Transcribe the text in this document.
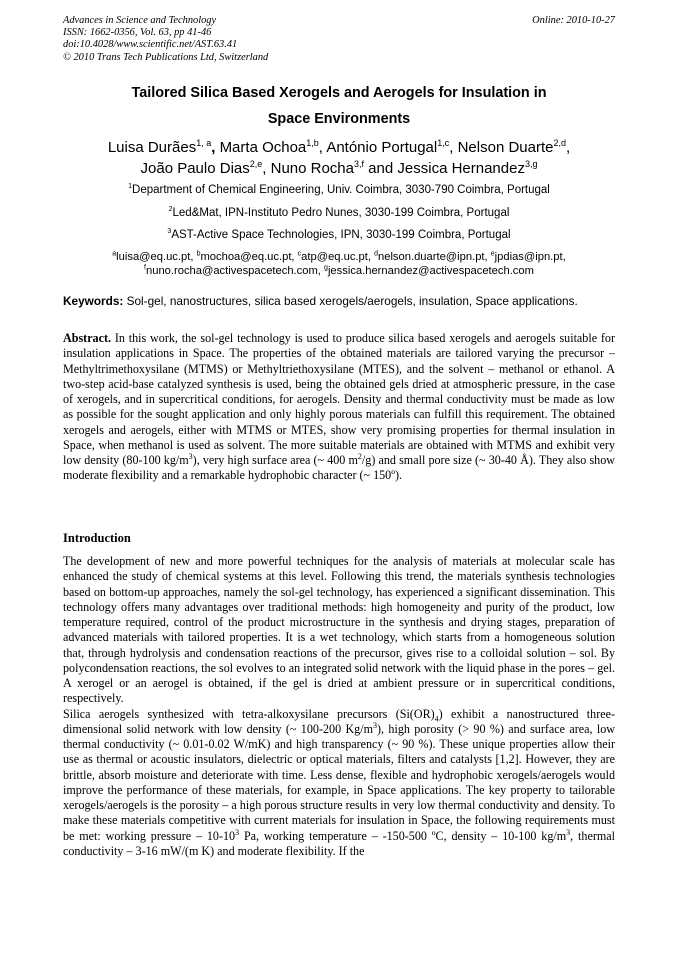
Advances in Science and Technology
ISSN: 1662-0356, Vol. 63, pp 41-46
doi:10.4028/www.scientific.net/AST.63.41
© 2010 Trans Tech Publications Ltd, Switzerland
Online: 2010-10-27
Tailored Silica Based Xerogels and Aerogels for Insulation in
Space Environments
Luisa Durães$^{1, a}$, Marta Ochoa$^{1,b}$, António Portugal$^{1,c}$, Nelson Duarte$^{2,d}$,
João Paulo Dias$^{2,e}$, Nuno Rocha$^{3,f}$ and Jessica Hernandez$^{3,g}$
$^1$Department of Chemical Engineering, Univ. Coimbra, 3030-790 Coimbra, Portugal
$^2$Led&Mat, IPN-Instituto Pedro Nunes, 3030-199 Coimbra, Portugal
$^3$AST-Active Space Technologies, IPN, 3030-199 Coimbra, Portugal
$^a$luisa@eq.uc.pt, $^b$mochoa@eq.uc.pt, $^c$atp@eq.uc.pt, $^d$nelson.duarte@ipn.pt, $^e$jpdias@ipn.pt,
$^f$nuno.rocha@activespacetech.com, $^g$jessica.hernandez@activespacetech.com
Keywords: Sol-gel, nanostructures, silica based xerogels/aerogels, insulation, Space applications.
Abstract. In this work, the sol-gel technology is used to produce silica based xerogels and aerogels suitable for insulation applications in Space. The properties of the obtained materials are tailored varying the precursor – Methyltrimethoxysilane (MTMS) or Methyltriethoxysilane (MTES), and the solvent – methanol or ethanol. A two-step acid-base catalyzed synthesis is used, being the obtained gels dried at atmospheric pressure, in the case of xerogels, and in supercritical conditions, for aerogels. Density and thermal conductivity must be made as low as possible for the sought application and only highly porous materials can fulfill this requirement. The obtained xerogels and aerogels, either with MTMS or MTES, show very promising properties for thermal insulation in Space, when methanol is used as solvent. The more suitable materials are obtained with MTMS and exhibit very low density (80-100 $kg/m^3$), very high surface area (~ 400 $m^2/g$) and small pore size (~ 30-40 Å). They also show moderate flexibility and a remarkable hydrophobic character (~ 150º).
Introduction

The development of new and more powerful techniques for the analysis of materials at molecular scale has enhanced the study of chemical systems at this level. Following this trend, the materials synthesis technologies based on bottom-up approaches, namely the sol-gel technology, has experienced a significant dissemination. This technology offers many advantages over traditional methods: high homogeneity and purity of the product, low temperature required, control of the product microstructure in the synthesis and drying stages, preparation of advanced materials with tailored properties. It is a wet technology, which starts from a homogeneous solution that, through hydrolysis and condensation reactions of the precursor, gives rise to a colloidal solution – sol. By polycondensation reactions, the sol evolves to an integrated solid network with the liquid phase in the pores – gel. A xerogel or an aerogel is obtained, if the gel is dried at ambient pressure or in supercritical conditions, respectively.

Silica aerogels synthesized with tetra-alkoxysilane precursors $(Si(OR)_4)$ exhibit a nanostructured three-dimensional solid network with low density (~ 100-200 $Kg/m^3$), high porosity (> 90 %) and surface area, low thermal conductivity (~ 0.01-0.02 W/mK) and high transparency (~ 90 %). These unique properties allow their use as thermal or acoustic insulators, dielectric or optical materials, filters and catalysts [1,2]. However, they are brittle, absorb moisture and deteriorate with time. Less dense, flexible and hydrophobic xerogels/aerogels would improve the performance of these materials, for example, in Space applications. The key property to tailorable xerogels/aerogels is the porosity – a high porous structure results in very low thermal conductivity and density. To make these materials competitive with current materials for insulation in Space, the following requirements must be met: working pressure – $10-10^3$ Pa, working temperature – -150-500 ºC, density – 10-100 $kg/m^3$, thermal conductivity – 3-16 mW/(m K) and moderate flexibility. If the
